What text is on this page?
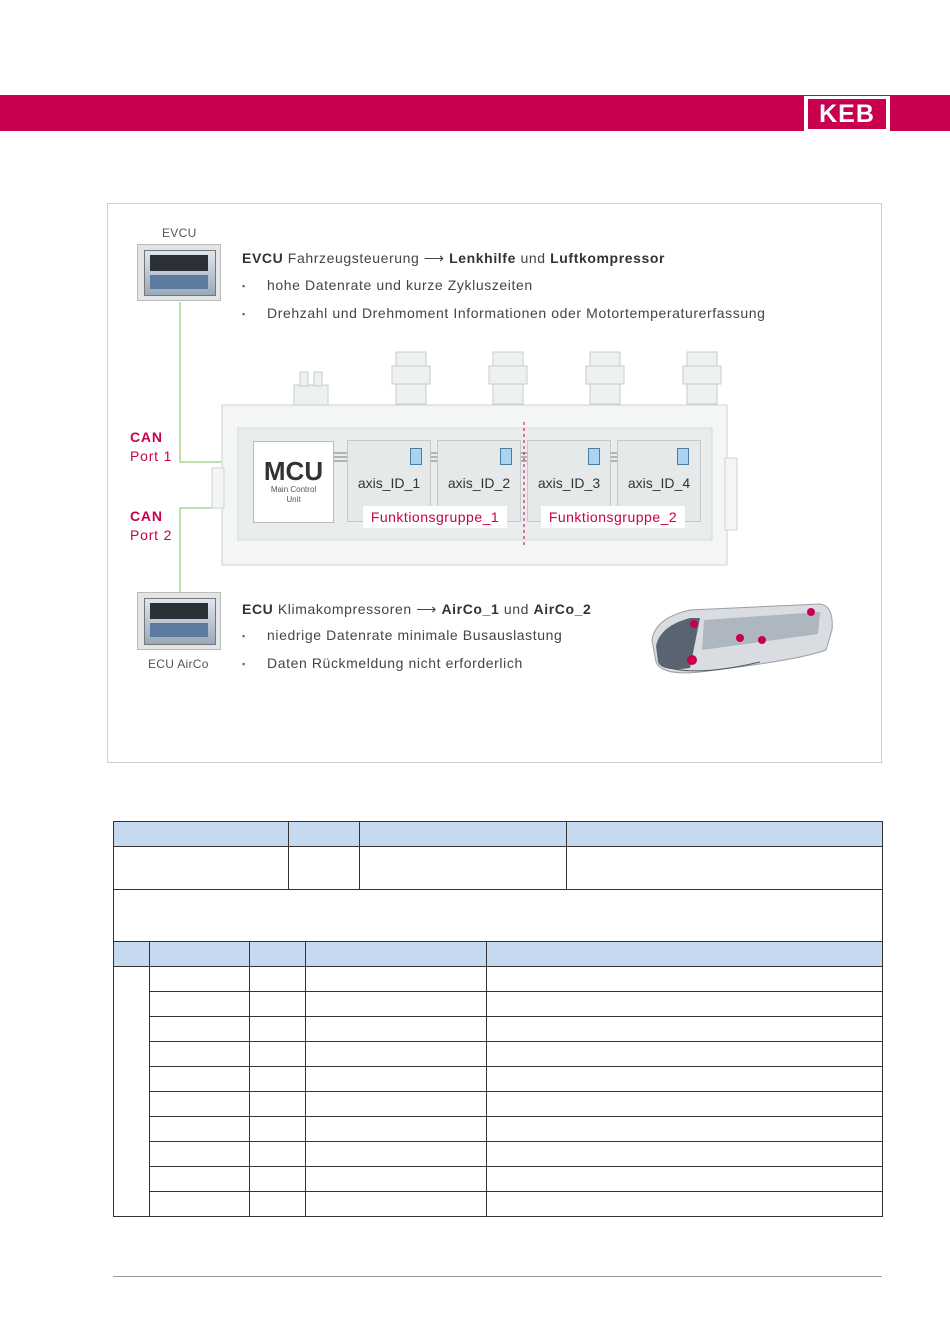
KEB
EVCU
EVCU Fahrzeugsteuerung ⟶ Lenkhilfe und Luftkompressor
▪ hohe Datenrate und kurze Zykluszeiten
▪ Drehzahl und Drehmoment Informationen oder Motortemperaturerfassung
CAN
Port 1
CAN
Port 2
MCU
Main Control
Unit
axis_ID_1	axis_ID_2	axis_ID_3	axis_ID_4
Funktionsgruppe_1	Funktionsgruppe_2
ECU AirCo
ECU Klimakompressoren ⟶ AirCo_1 und AirCo_2
▪ niedrige Datenrate minimale Busauslastung
▪ Daten Rückmeldung nicht erforderlich
